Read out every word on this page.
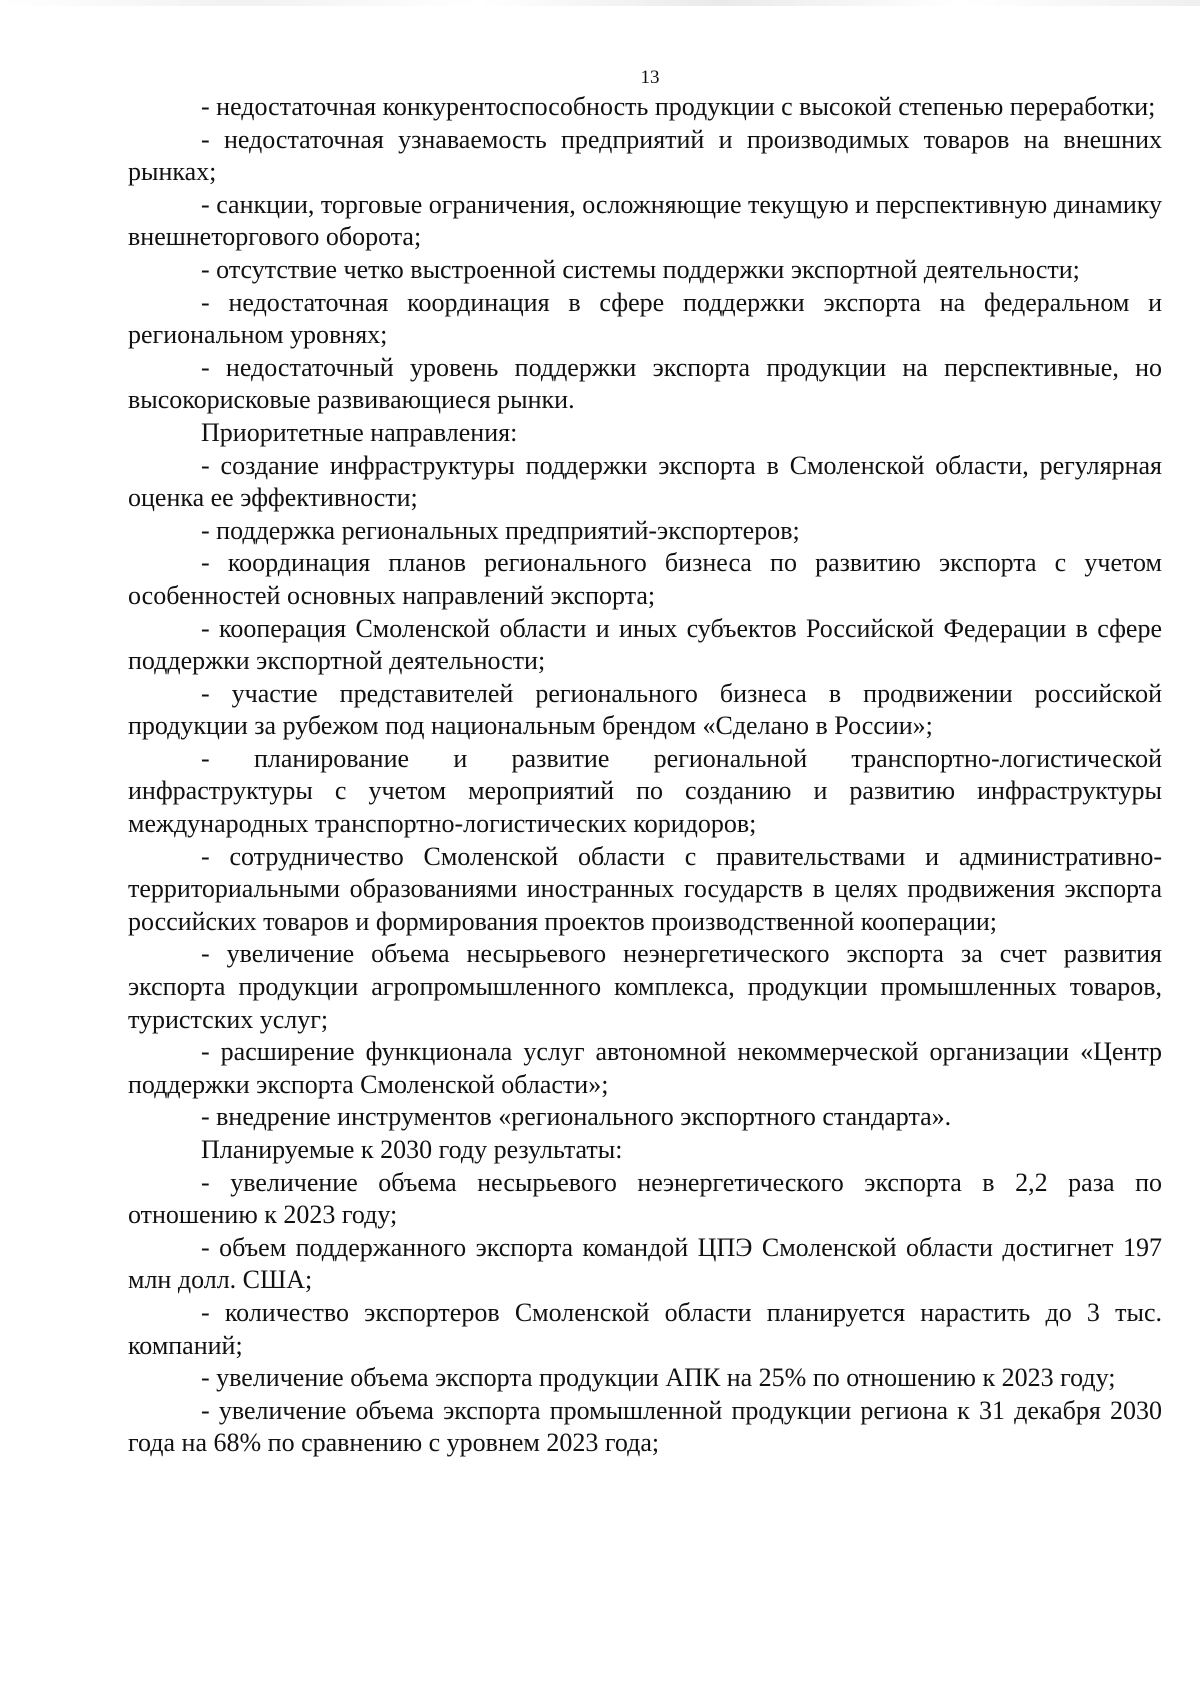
13

- недостаточная конкурентоспособность продукции с высокой степенью переработки;

- недостаточная узнаваемость предприятий и производимых товаров на внешних рынках;

- санкции, торговые ограничения, осложняющие текущую и перспективную динамику внешнеторгового оборота;

- отсутствие четко выстроенной системы поддержки экспортной деятельности;

- недостаточная координация в сфере поддержки экспорта на федеральном и региональном уровнях;

- недостаточный уровень поддержки экспорта продукции на перспективные, но высокорисковые развивающиеся рынки.

Приоритетные направления:

- создание инфраструктуры поддержки экспорта в Смоленской области, регулярная оценка ее эффективности;

- поддержка региональных предприятий-экспортеров;

- координация планов регионального бизнеса по развитию экспорта с учетом особенностей основных направлений экспорта;

- кооперация Смоленской области и иных субъектов Российской Федерации в сфере поддержки экспортной деятельности;

- участие представителей регионального бизнеса в продвижении российской продукции за рубежом под национальным брендом «Сделано в России»;

- планирование и развитие региональной транспортно-логистической инфраструктуры с учетом мероприятий по созданию и развитию инфраструктуры международных транспортно-логистических коридоров;

- сотрудничество Смоленской области с правительствами и административно-территориальными образованиями иностранных государств в целях продвижения экспорта российских товаров и формирования проектов производственной кооперации;

- увеличение объема несырьевого неэнергетического экспорта за счет развития экспорта продукции агропромышленного комплекса, продукции промышленных товаров, туристских услуг;

- расширение функционала услуг автономной некоммерческой организации «Центр поддержки экспорта Смоленской области»;

- внедрение инструментов «регионального экспортного стандарта».

Планируемые к 2030 году результаты:

- увеличение объема несырьевого неэнергетического экспорта в 2,2 раза по отношению к 2023 году;

- объем поддержанного экспорта командой ЦПЭ Смоленской области достигнет 197 млн долл. США;

- количество экспортеров Смоленской области планируется нарастить до 3 тыс. компаний;

- увеличение объема экспорта продукции АПК на 25% по отношению к 2023 году;

- увеличение объема экспорта промышленной продукции региона к 31 декабря 2030 года на 68% по сравнению с уровнем 2023 года;
